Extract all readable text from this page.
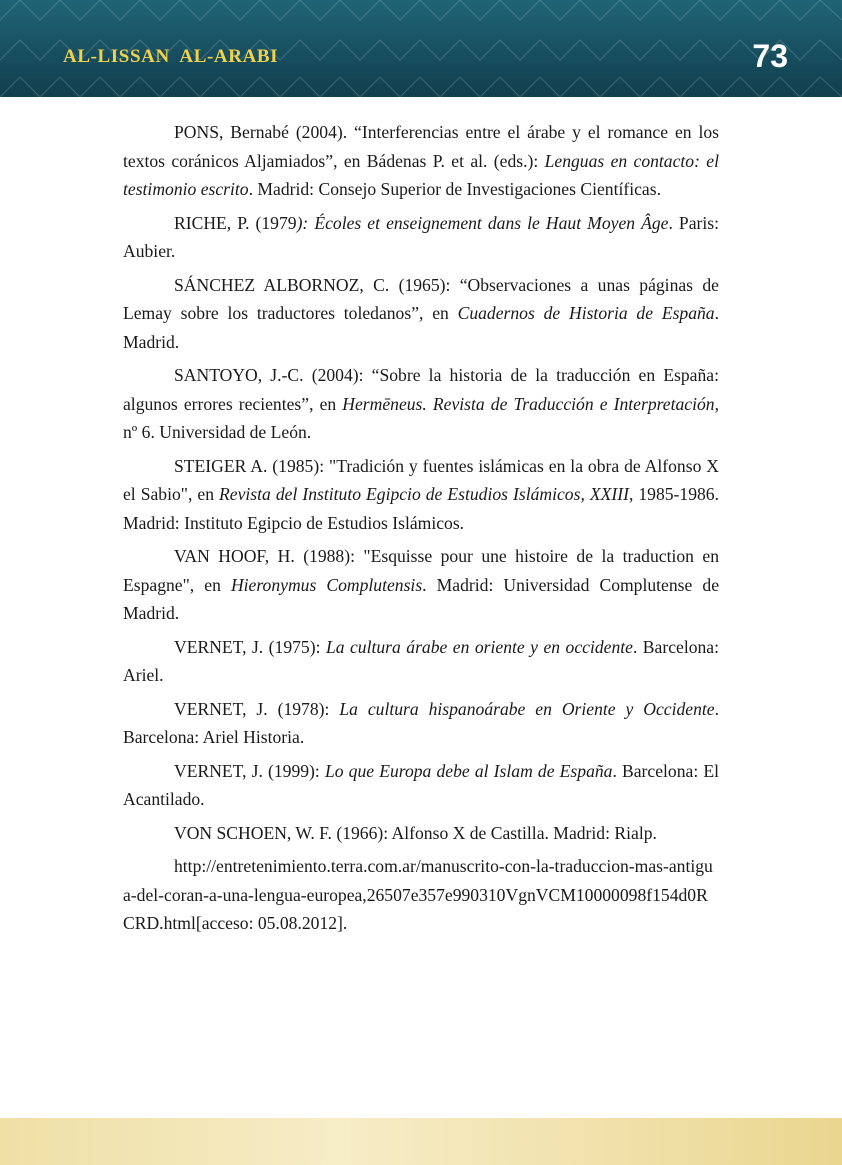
AL-LISSAN  AL-ARABI	73

PONS, Bernabé (2004). “Interferencias entre el árabe y el romance en los textos coránicos Aljamiados”, en Bádenas P. et al. (eds.): Lenguas en contacto: el testimonio escrito. Madrid: Consejo Superior de Investigaciones Científicas.

RICHE, P. (1979): Écoles et enseignement dans le Haut Moyen Âge. Paris: Aubier.

SÁNCHEZ ALBORNOZ, C. (1965): “Observaciones a unas páginas de Lemay sobre los traductores toledanos”, en Cuadernos de Historia de España. Madrid.

SANTOYO, J.-C. (2004): “Sobre la historia de la traducción en España: algunos errores recientes”, en Hermēneus. Revista de Traducción e Interpretación, nº 6. Universidad de León.

STEIGER A. (1985): "Tradición y fuentes islámicas en la obra de Alfonso X el Sabio", en Revista del Instituto Egipcio de Estudios Islámicos, XXIII, 1985-1986. Madrid: Instituto Egipcio de Estudios Islámicos.

VAN HOOF, H. (1988): "Esquisse pour une histoire de la traduction en Espagne", en Hieronymus Complutensis. Madrid: Universidad Complutense de Madrid.

VERNET, J. (1975): La cultura árabe en oriente y en occidente. Barcelona: Ariel.

VERNET, J. (1978): La cultura hispanoárabe en Oriente y Occidente. Barcelona: Ariel Historia.

VERNET, J. (1999): Lo que Europa debe al Islam de España. Barcelona: El Acantilado.

VON SCHOEN, W. F. (1966): Alfonso X de Castilla. Madrid: Rialp.

http://entretenimiento.terra.com.ar/manuscrito-con-la-traduccion-mas-antigua-del-coran-a-una-lengua-europea,26507e357e990310VgnVCM10000098f154d0RCRD.html[acceso: 05.08.2012].
